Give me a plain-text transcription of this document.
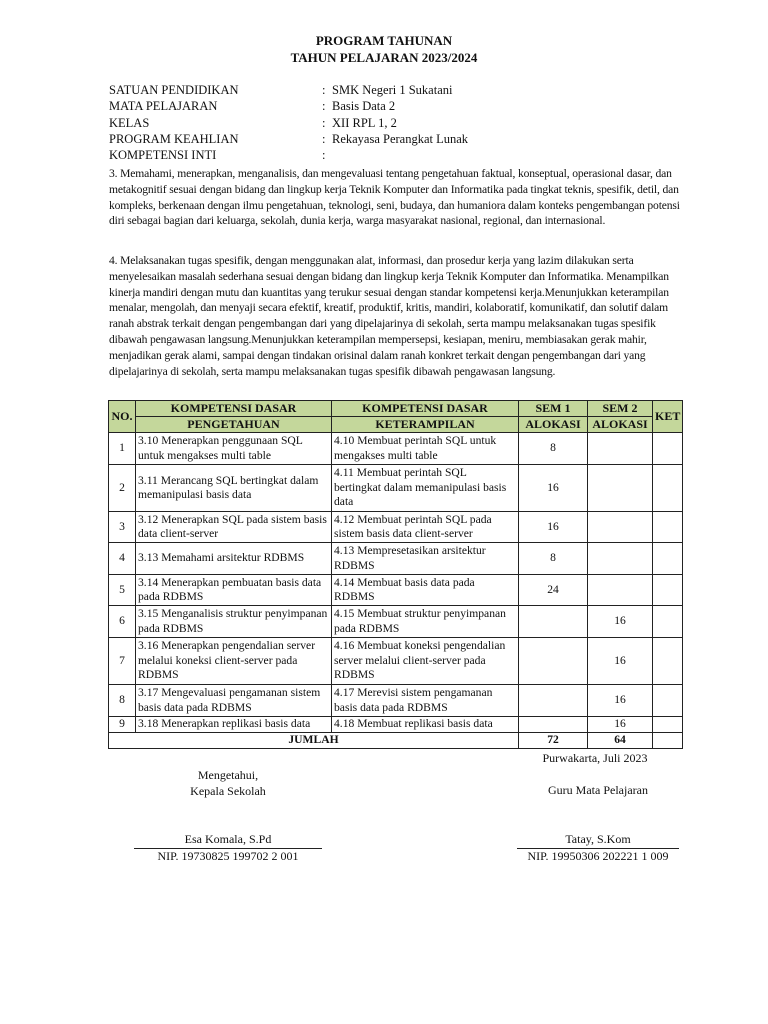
PROGRAM TAHUNAN
TAHUN PELAJARAN 2023/2024
SATUAN PENDIDIKAN	: SMK Negeri 1 Sukatani
MATA PELAJARAN	: Basis Data 2
KELAS	: XII RPL 1, 2
PROGRAM KEAHLIAN	: Rekayasa Perangkat Lunak
KOMPETENSI INTI	:
3. Memahami, menerapkan, menganalisis, dan mengevaluasi tentang pengetahuan faktual, konseptual, operasional dasar, dan metakognitif sesuai dengan bidang dan lingkup kerja Teknik Komputer dan Informatika pada tingkat teknis, spesifik, detil, dan kompleks, berkenaan dengan ilmu pengetahuan, teknologi, seni, budaya, dan humaniora dalam konteks pengembangan potensi diri sebagai bagian dari keluarga, sekolah, dunia kerja, warga masyarakat nasional, regional, dan internasional.
4. Melaksanakan tugas spesifik, dengan menggunakan alat, informasi, dan prosedur kerja yang lazim dilakukan serta menyelesaikan masalah sederhana sesuai dengan bidang dan lingkup kerja Teknik Komputer dan Informatika. Menampilkan kinerja mandiri dengan mutu dan kuantitas yang terukur sesuai dengan standar kompetensi kerja.Menunjukkan keterampilan menalar, mengolah, dan menyaji secara efektif, kreatif, produktif, kritis, mandiri, kolaboratif, komunikatif, dan solutif dalam ranah abstrak terkait dengan pengembangan dari yang dipelajarinya di sekolah, serta mampu melaksanakan tugas spesifik dibawah pengawasan langsung.Menunjukkan keterampilan mempersepsi, kesiapan, meniru, membiasakan gerak mahir, menjadikan gerak alami, sampai dengan tindakan orisinal dalam ranah konkret terkait dengan pengembangan dari yang dipelajarinya di sekolah, serta mampu melaksanakan tugas spesifik dibawah pengawasan langsung.
NO.	KOMPETENSI DASAR	KOMPETENSI DASAR	SEM 1	SEM 2	KET
	PENGETAHUAN	KETERAMPILAN	ALOKASI	ALOKASI	
1	3.10 Menerapkan penggunaan SQL untuk mengakses multi table	4.10 Membuat perintah SQL untuk mengakses multi table	8		
2	3.11 Merancang SQL bertingkat dalam memanipulasi basis data	4.11 Membuat perintah SQL bertingkat dalam memanipulasi basis data	16		
3	3.12 Menerapkan SQL pada sistem basis data client-server	4.12 Membuat perintah SQL pada sistem basis data client-server	16		
4	3.13 Memahami arsitektur RDBMS	4.13 Mempresetasikan arsitektur RDBMS	8		
5	3.14 Menerapkan pembuatan basis data pada RDBMS	4.14 Membuat basis data pada RDBMS	24		
6	3.15 Menganalisis struktur penyimpanan pada RDBMS	4.15 Membuat struktur penyimpanan pada RDBMS		16	
7	3.16 Menerapkan pengendalian server melalui koneksi client-server pada RDBMS	4.16 Membuat koneksi pengendalian server melalui client-server pada RDBMS		16	
8	3.17 Mengevaluasi pengamanan sistem basis data pada RDBMS	4.17 Merevisi sistem pengamanan basis data pada RDBMS		16	
9	3.18 Menerapkan replikasi basis data	4.18 Membuat replikasi basis data		16	
JUMLAH			72	64	
Purwakarta, Juli 2023
Mengetahui,
Kepala Sekolah
Esa Komala, S.Pd
NIP. 19730825 199702 2 001
Guru Mata Pelajaran
Tatay, S.Kom
NIP. 19950306 202221 1 009
